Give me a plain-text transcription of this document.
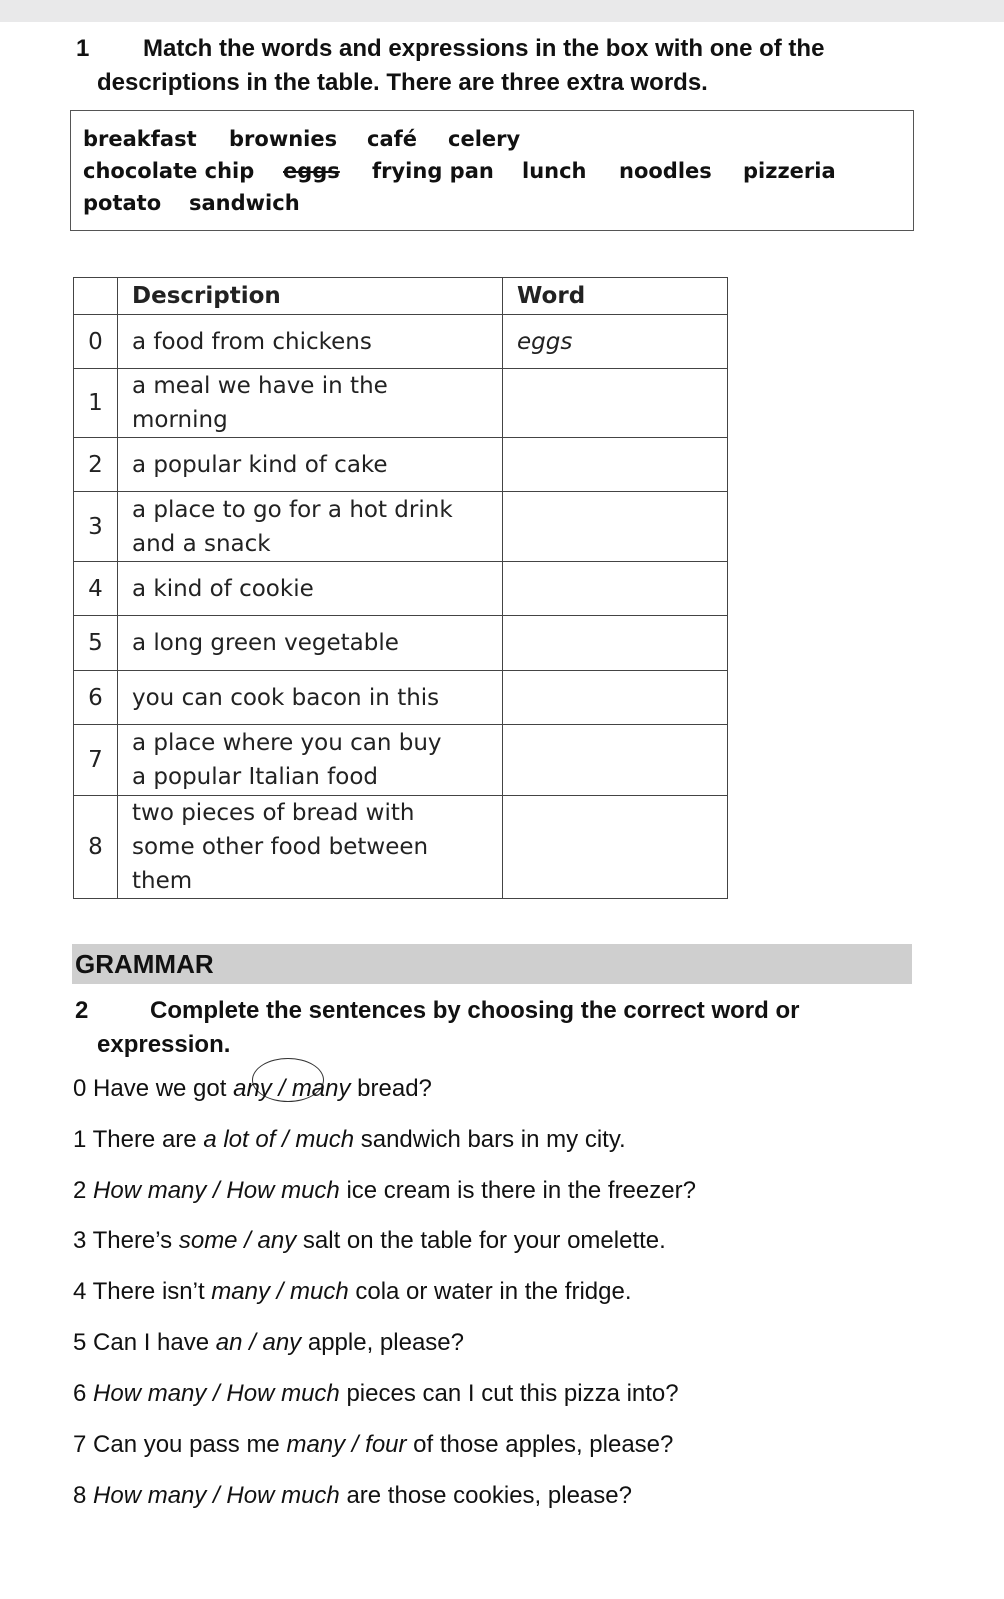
1 Match the words and expressions in the box with one of the
descriptions in the table. There are three extra words.
breakfast brownies café celery
chocolate chip eggs frying pan lunch noodles pizzeria
potato sandwich
	Description	Word
0	a food from chickens	eggs
1	a meal we have in the
morning	
2	a popular kind of cake	
3	a place to go for a hot drink
and a snack	
4	a kind of cookie	
5	a long green vegetable	
6	you can cook bacon in this	
7	a place where you can buy
a popular Italian food	
8	two pieces of bread with
some other food between
them	
GRAMMAR
2	Complete the sentences by choosing the correct word or
expression.
0 Have we got any / many bread?
1 There are a lot of / much sandwich bars in my city.
2 How many / How much ice cream is there in the freezer?
3 There’s some / any salt on the table for your omelette.
4 There isn’t many / much cola or water in the fridge.
5 Can I have an / any apple, please?
6 How many / How much pieces can I cut this pizza into?
7 Can you pass me many / four of those apples, please?
8 How many / How much are those cookies, please?
